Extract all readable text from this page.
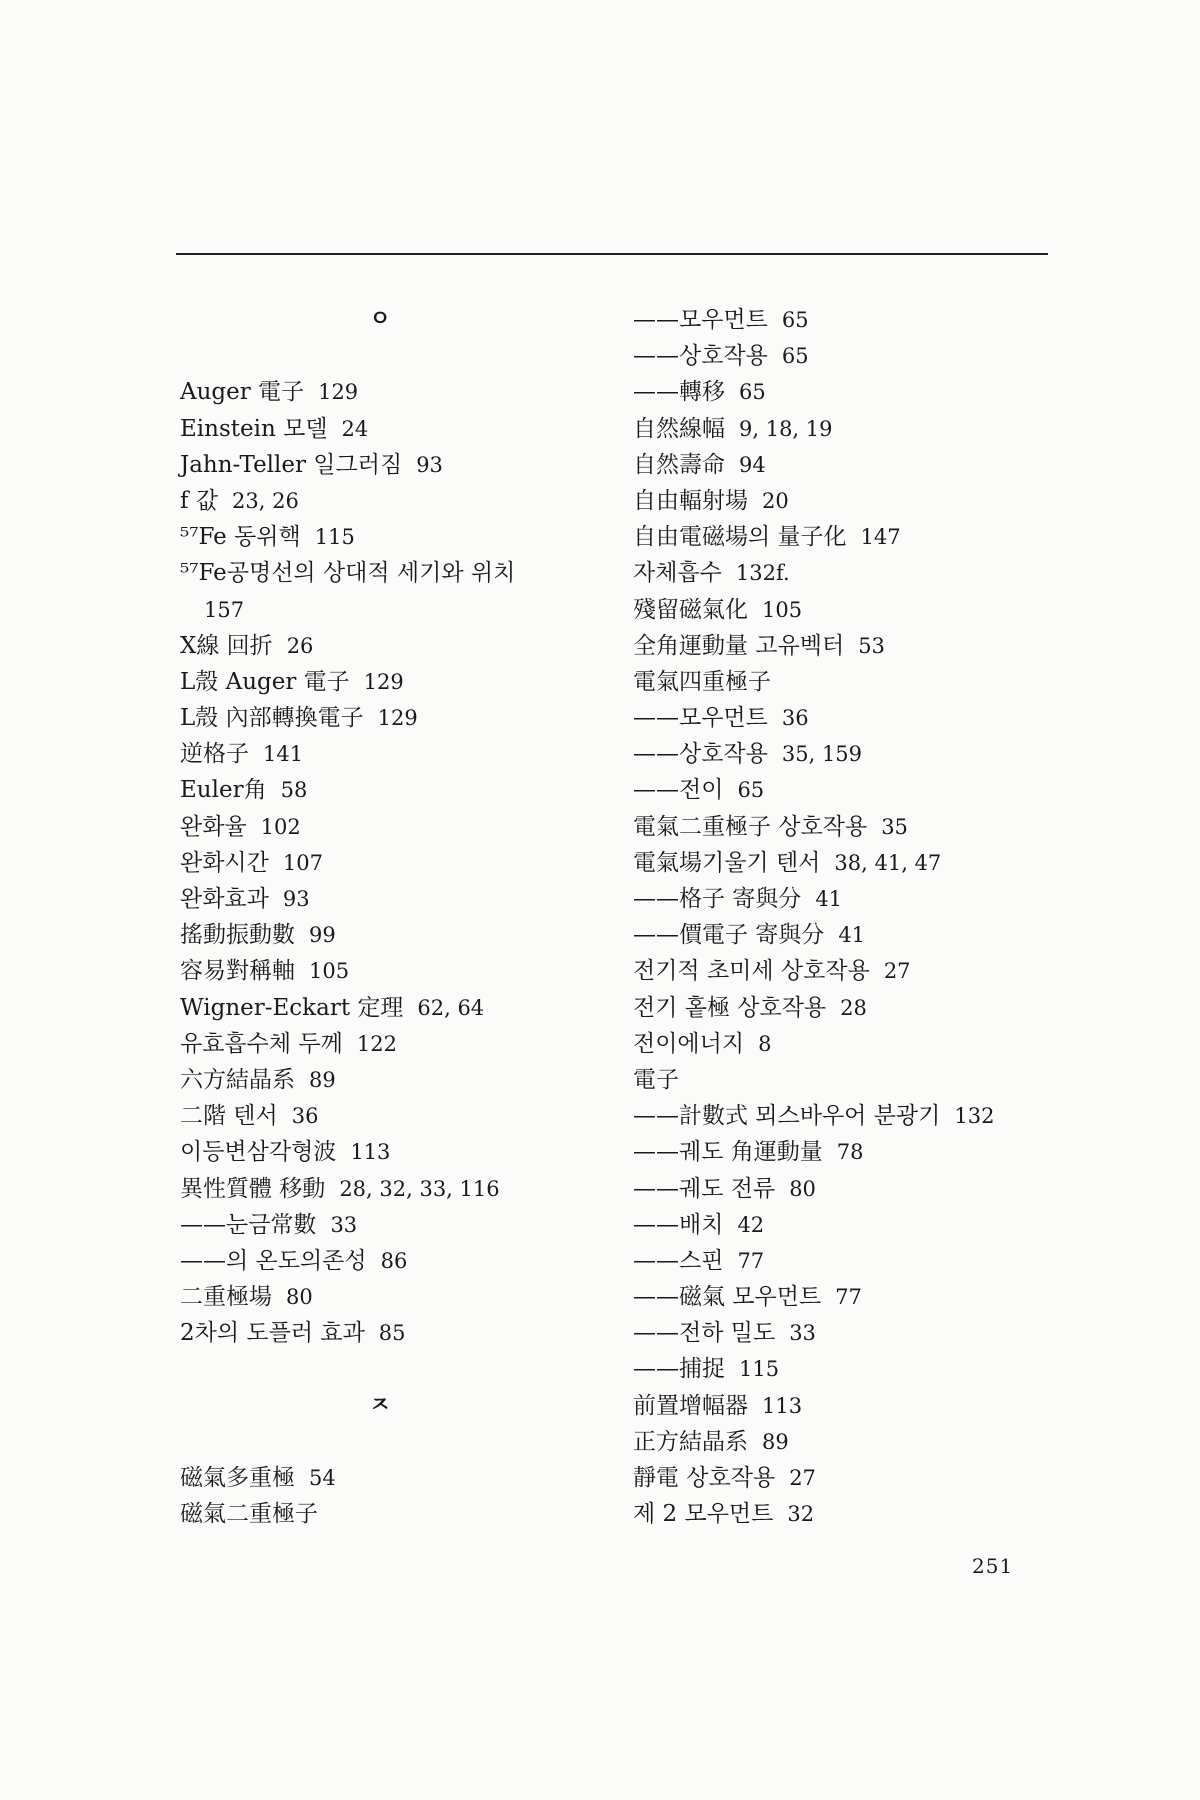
ㅇ
Auger 電子 129
Einstein 모델 24
Jahn-Teller 일그러짐 93
f 값 23, 26
⁵⁷Fe 동위핵 115
⁵⁷Fe공명선의 상대적 세기와 위치
157
X線 回折 26
L殼 Auger 電子 129
L殼 內部轉換電子 129
逆格子 141
Euler角 58
완화율 102
완화시간 107
완화효과 93
搖動振動數 99
容易對稱軸 105
Wigner-Eckart 定理 62, 64
유효흡수체 두께 122
六方結晶系 89
二階 텐서 36
이등변삼각형波 113
異性質體 移動 28, 32, 33, 116
——눈금常數 33
——의 온도의존성 86
二重極場 80
2차의 도플러 효과 85
ㅈ
磁氣多重極 54
磁氣二重極子
——모우먼트 65
——상호작용 65
——轉移 65
自然線幅 9, 18, 19
自然壽命 94
自由輻射場 20
自由電磁場의 量子化 147
자체흡수 132f.
殘留磁氣化 105
全角運動量 고유벡터 53
電氣四重極子
——모우먼트 36
——상호작용 35, 159
——전이 65
電氣二重極子 상호작용 35
電氣場기울기 텐서 38, 41, 47
——格子 寄與分 41
——價電子 寄與分 41
전기적 초미세 상호작용 27
전기 홑極 상호작용 28
전이에너지 8
電子
——計數式 뫼스바우어 분광기 132
——궤도 角運動量 78
——궤도 전류 80
——배치 42
——스핀 77
——磁氣 모우먼트 77
——전하 밀도 33
——捕捉 115
前置增幅器 113
正方結晶系 89
靜電 상호작용 27
제 2 모우먼트 32
251
